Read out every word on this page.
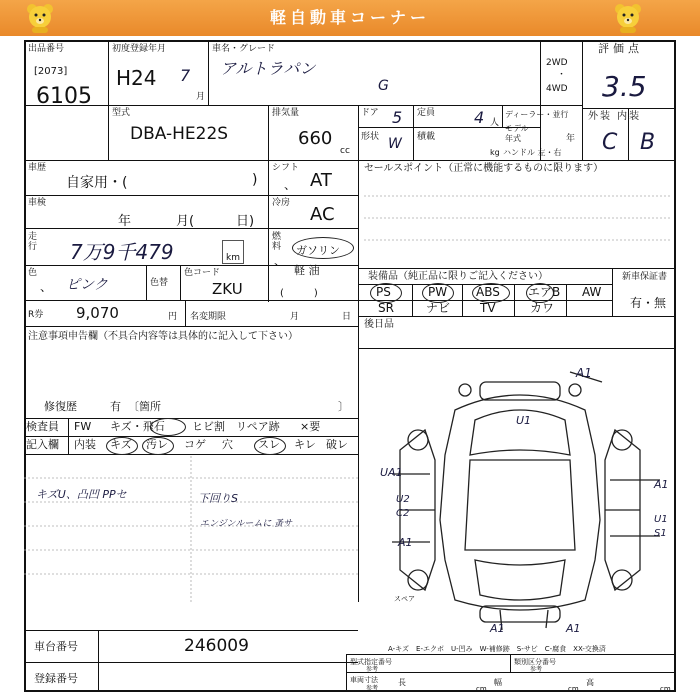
軽自動車コーナー
出品番号
[2073]
6105
初度登録年月
H24 7
月
車名・グレード
アルトラパン
G
2WD
・
4WD
評価点
3.5
型式
DBA-HE22S
排気量
660
cc
ドア 5 定員 4 人
ディーラー・並行
モデル年式	年
形状 W 積載
kg ハンドル 左・右
外装 内装
C B
車歴
自家用・(	)
シフト
、 AT
車検
年	月(	日)
冷房
AC
走行	7万9千479	km
燃料
、
ガソリン
軽 油
(　　　)
色
、 ピンク	色替
色コード
ZKU
R券 9,070	円 名変期限	月	日
注意事項申告欄（不具合内容等は具体的に記入して下さい）
修復歴	有 〔箇所	〕
検査員
記入欄
FW キズ・飛石 ヒビ割 リペア跡 ×要
内装 キズ 汚レ コゲ 穴 スレ キレ 破レ
キズU、凸凹 PPセ	下回りS
エンジンルームに 蚤サ
セールスポイント（正常に機能するものに限ります）
装備品（純正品に限りご記入ください）	新車保証書
有・無
PS	PW ABS エアB AW
SR	ナビ TV	カワ
後日品
A1
U1
UA1
U2
C2
A1
A1
U1
S1
A1	A1
スペア
A-キズ　E-エクボ　U-凹み　W-補修跡　S-サビ　C-腐食　XX-交換済
車台番号	246009
登録番号
型式指定番号
参考
類別区分番号
参考
車両寸法
参考
長
cm
幅
cm
高
cm
